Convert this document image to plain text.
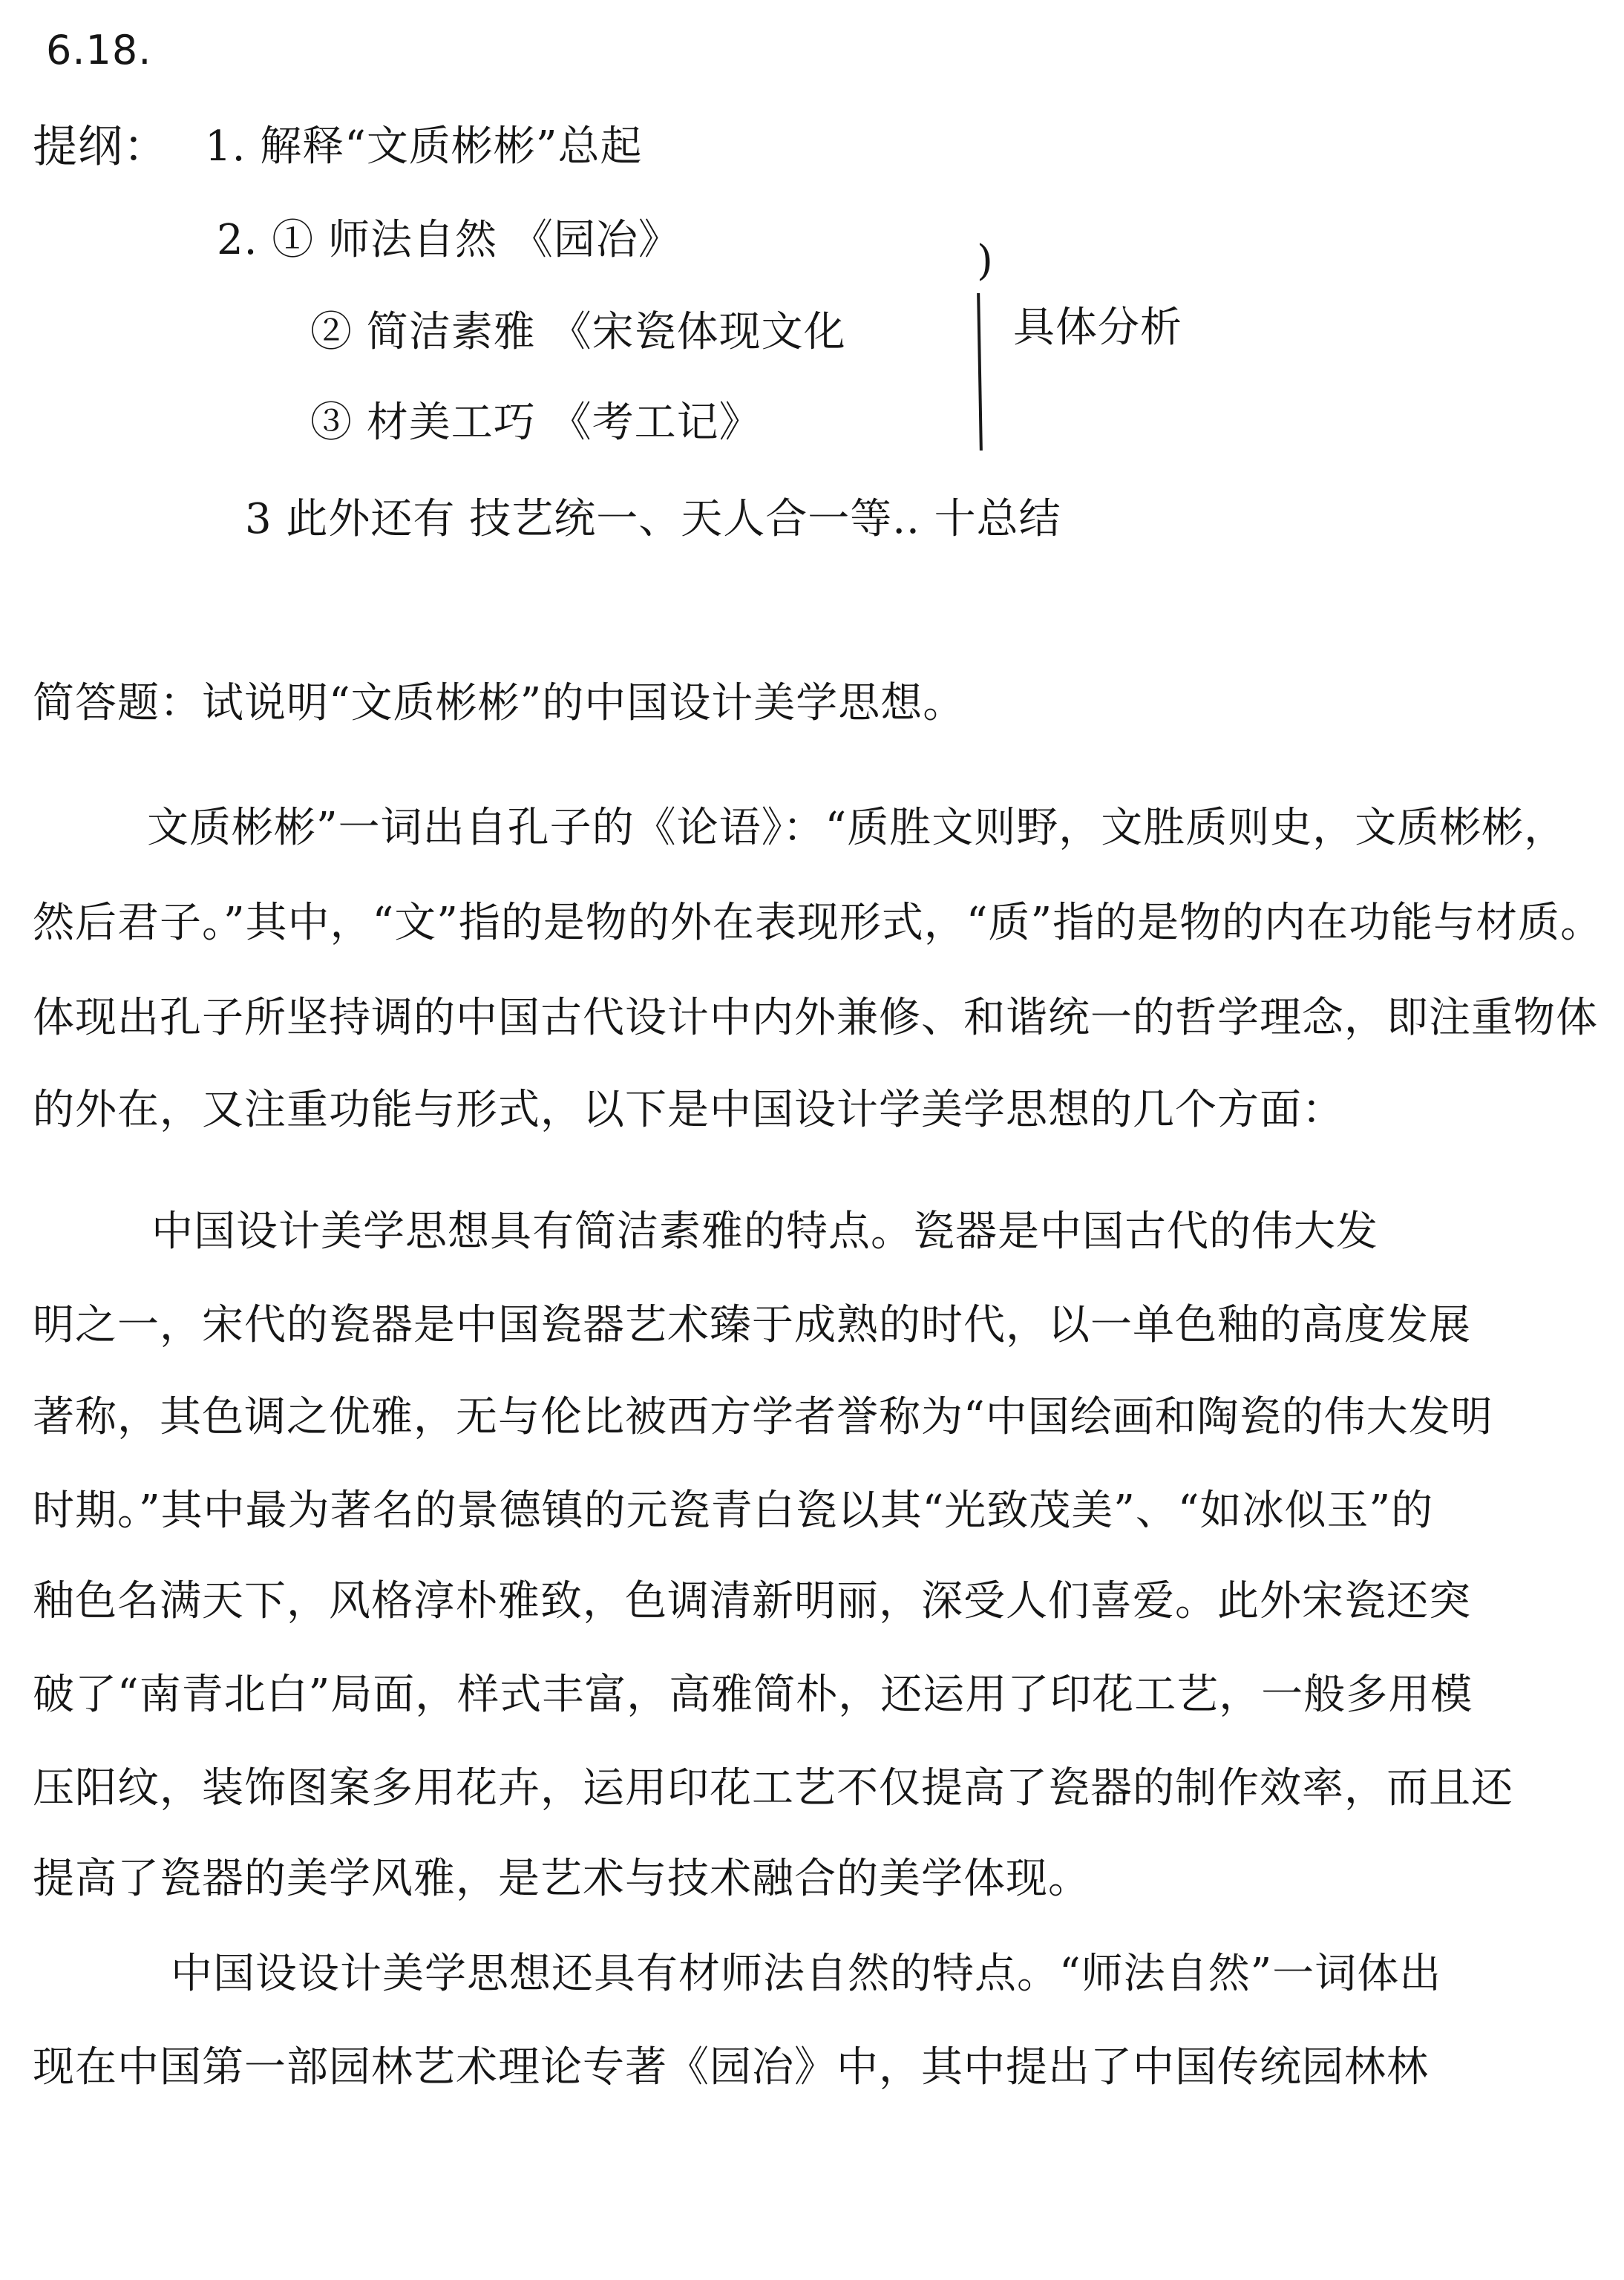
6.18.
提纲： 1. 解释“文质彬彬”总起
2. ① 师法自然 《园冶》
② 简洁素雅 《宋瓷体现文化
③ 材美工巧 《考工记》
)
具体分析
3 此外还有 技艺统一、天人合一等.. 十总结
简答题：试说明“文质彬彬”的中国设计美学思想。
文质彬彬”一词出自孔子的《论语》：“质胜文则野，文胜质则史，文质彬彬，
然后君子。”其中，“文”指的是物的外在表现形式，“质”指的是物的内在功能与材质。
体现出孔子所坚持调的中国古代设计中内外兼修、和谐统一的哲学理念，即注重物体
的外在，又注重功能与形式，以下是中国设计学美学思想的几个方面：
中国设计美学思想具有简洁素雅的特点。瓷器是中国古代的伟大发
明之一，宋代的瓷器是中国瓷器艺术臻于成熟的时代，以一单色釉的高度发展
著称，其色调之优雅，无与伦比被西方学者誉称为“中国绘画和陶瓷的伟大发明
时期。”其中最为著名的景德镇的元瓷青白瓷以其“光致茂美”、“如冰似玉”的
釉色名满天下，风格淳朴雅致，色调清新明丽，深受人们喜爱。此外宋瓷还突
破了“南青北白”局面，样式丰富，高雅简朴，还运用了印花工艺，一般多用模
压阳纹，装饰图案多用花卉，运用印花工艺不仅提高了瓷器的制作效率，而且还
提高了瓷器的美学风雅，是艺术与技术融合的美学体现。
中国设设计美学思想还具有材师法自然的特点。“师法自然”一词体出
现在中国第一部园林艺术理论专著《园冶》中，其中提出了中国传统园林林
